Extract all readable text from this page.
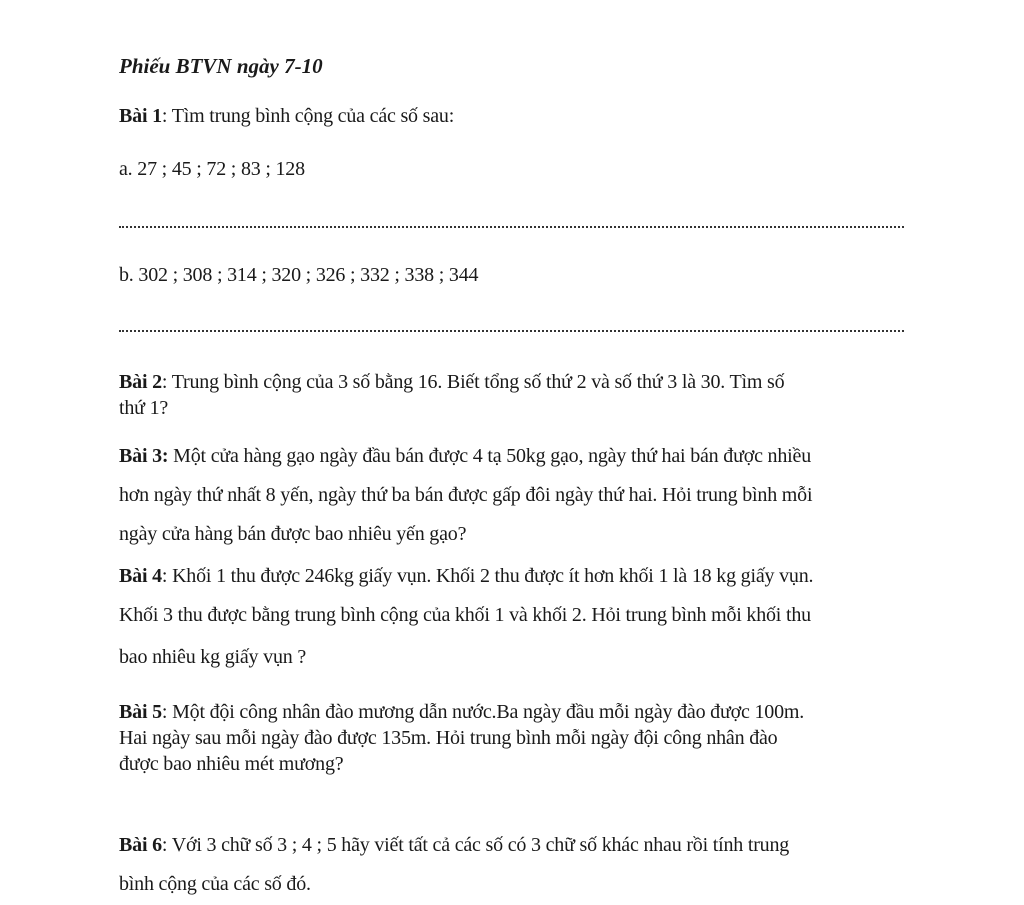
Phiếu BTVN ngày 7-10
Bài 1: Tìm trung bình cộng của các số sau:
a. 27 ; 45 ; 72 ; 83 ; 128
b. 302 ; 308 ; 314 ; 320 ; 326 ; 332 ; 338 ; 344
Bài 2: Trung bình cộng của 3 số bằng 16. Biết tổng số thứ 2 và số thứ 3 là 30. Tìm số
thứ 1?
Bài 3: Một cửa hàng gạo ngày đầu bán được 4 tạ 50kg gạo, ngày thứ hai bán được nhiều
hơn ngày thứ nhất 8 yến, ngày thứ ba bán được gấp đôi ngày thứ hai. Hỏi trung bình mỗi
ngày cửa hàng bán được bao nhiêu yến gạo?
Bài 4: Khối 1 thu được 246kg giấy vụn. Khối 2 thu được ít hơn khối 1 là 18 kg giấy vụn.
Khối 3 thu được bằng trung bình cộng của khối 1 và khối 2. Hỏi trung bình mỗi khối thu
bao nhiêu kg giấy vụn ?
Bài 5: Một đội công nhân đào mương dẫn nước.Ba ngày đầu mỗi ngày đào được 100m.
Hai ngày sau mỗi ngày đào được 135m. Hỏi trung bình mỗi ngày đội công nhân đào
được bao nhiêu mét mương?
Bài 6: Với 3 chữ số 3 ; 4 ; 5 hãy viết tất cả các số có 3 chữ số khác nhau rồi tính trung
bình cộng của các số đó.
